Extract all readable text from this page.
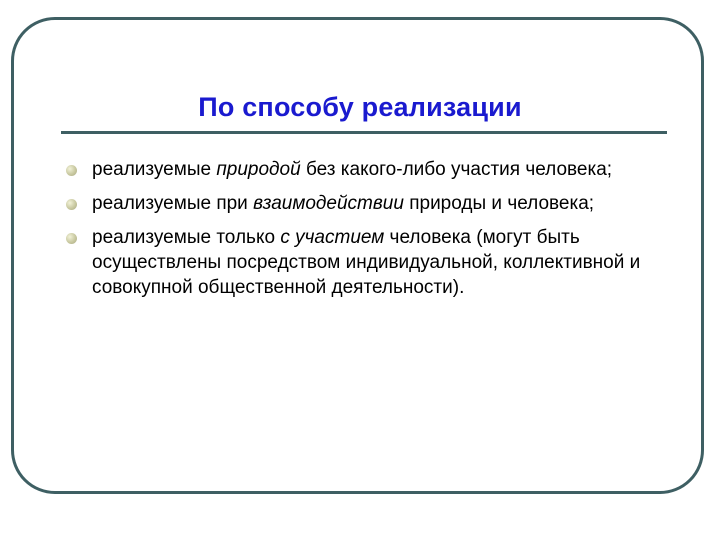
По способу реализации
реализуемые природой без какого-либо участия человека;
реализуемые при взаимодействии природы и человека;
реализуемые только с участием человека (могут быть осуществлены посредством индивидуальной, коллективной и совокупной общественной деятельности).
